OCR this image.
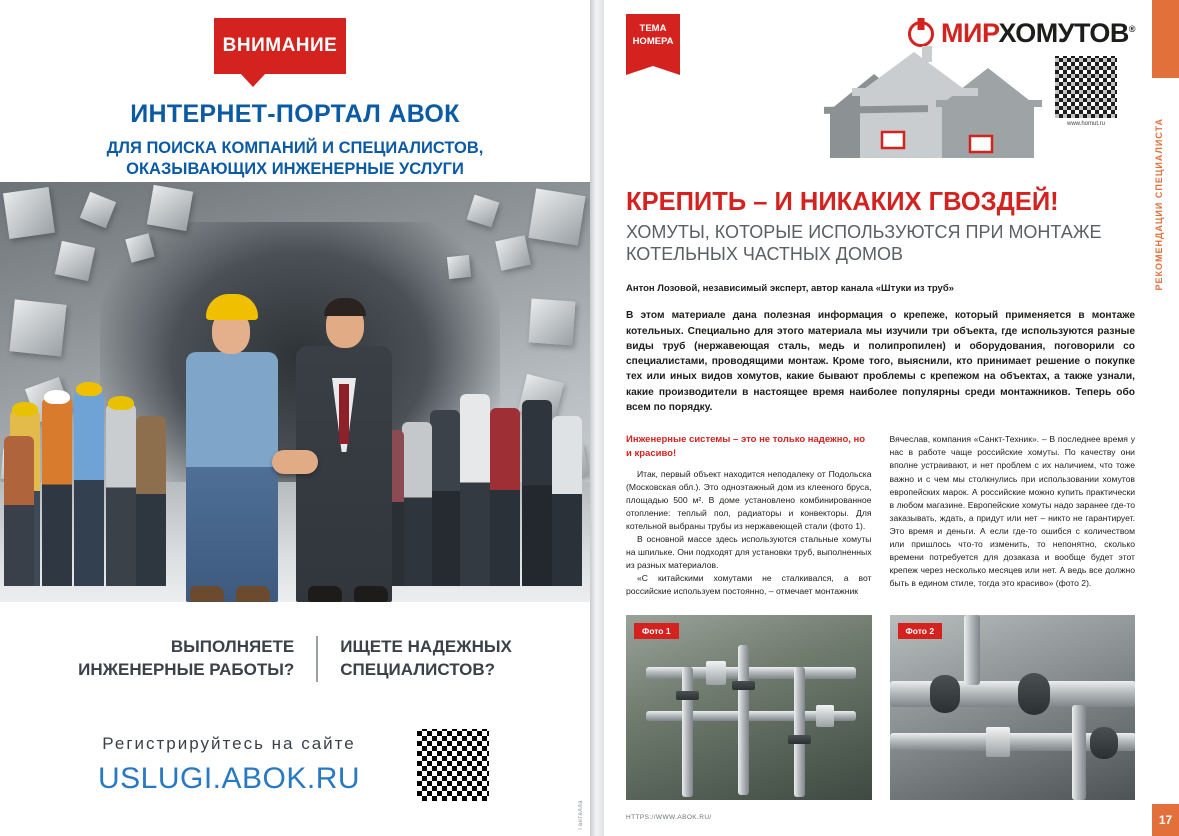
ВНИМАНИЕ
ИНТЕРНЕТ-ПОРТАЛ АВОК
ДЛЯ ПОИСКА КОМПАНИЙ И СПЕЦИАЛИСТОВ,
ОКАЗЫВАЮЩИХ ИНЖЕНЕРНЫЕ УСЛУГИ
ВЫПОЛНЯЕТЕ
ИНЖЕНЕРНЫЕ РАБОТЫ?
ИЩЕТЕ НАДЕЖНЫХ
СПЕЦИАЛИСТОВ?
Регистрируйтесь на сайте
USLUGI.ABOK.RU
Гантелла
ТЕМА
НОМЕРА	МИРХОМУТОВ®
www.homut.ru
КРЕПИТЬ – И НИКАКИХ ГВОЗДЕЙ!
ХОМУТЫ, КОТОРЫЕ ИСПОЛЬЗУЮТСЯ ПРИ МОНТАЖЕ
КОТЕЛЬНЫХ ЧАСТНЫХ ДОМОВ
Антон Лозовой, независимый эксперт, автор канала «Штуки из труб»
В этом материале дана полезная информация о крепеже, который применяется в монтаже котельных. Специально для этого материала мы изучили три объекта, где используются разные виды труб (нержавеющая сталь, медь и полипропилен) и оборудования, поговорили со специалистами, проводящими монтаж. Кроме того, выяснили, кто принимает решение о покупке тех или иных видов хомутов, какие бывают проблемы с крепежом на объектах, а также узнали, какие производители в настоящее время наиболее популярны среди монтажников. Теперь обо всем по порядку.
Инженерные системы – это не только надежно, но и красиво!

Итак, первый объект находится неподалеку от Подольска (Московская обл.). Это одноэтажный дом из клееного бруса, площадью 500 м². В доме установлено комбинированное отопление: теплый пол, радиаторы и конвекторы. Для котельной выбраны трубы из нержавеющей стали (фото 1).

В основной массе здесь используются стальные хомуты на шпильке. Они подходят для установки труб, выполненных из разных материалов.

«С китайскими хомутами не сталкивался, а вот российские используем постоянно, – отмечает монтажник

Вячеслав, компания «Санкт-Техник». – В последнее время у нас в работе чаще российские хомуты. По качеству они вполне устраивают, и нет проблем с их наличием, что тоже важно и с чем мы столкнулись при использовании хомутов европейских марок. А российские можно купить практически в любом магазине. Европейские хомуты надо заранее где-то заказывать, ждать, а придут или нет – никто не гарантирует. Это время и деньги. А если где-то ошибся с количеством или пришлось что-то изменить, то непонятно, сколько времени потребуется для дозаказа и вообще будет этот крепеж через несколько месяцев или нет. А ведь все должно быть в едином стиле, тогда это красиво» (фото 2).

Фото 1	Фото 2
HTTPS://WWW.ABOK.RU/
РЕКОМЕНДАЦИИ СПЕЦИАЛИСТА
17
